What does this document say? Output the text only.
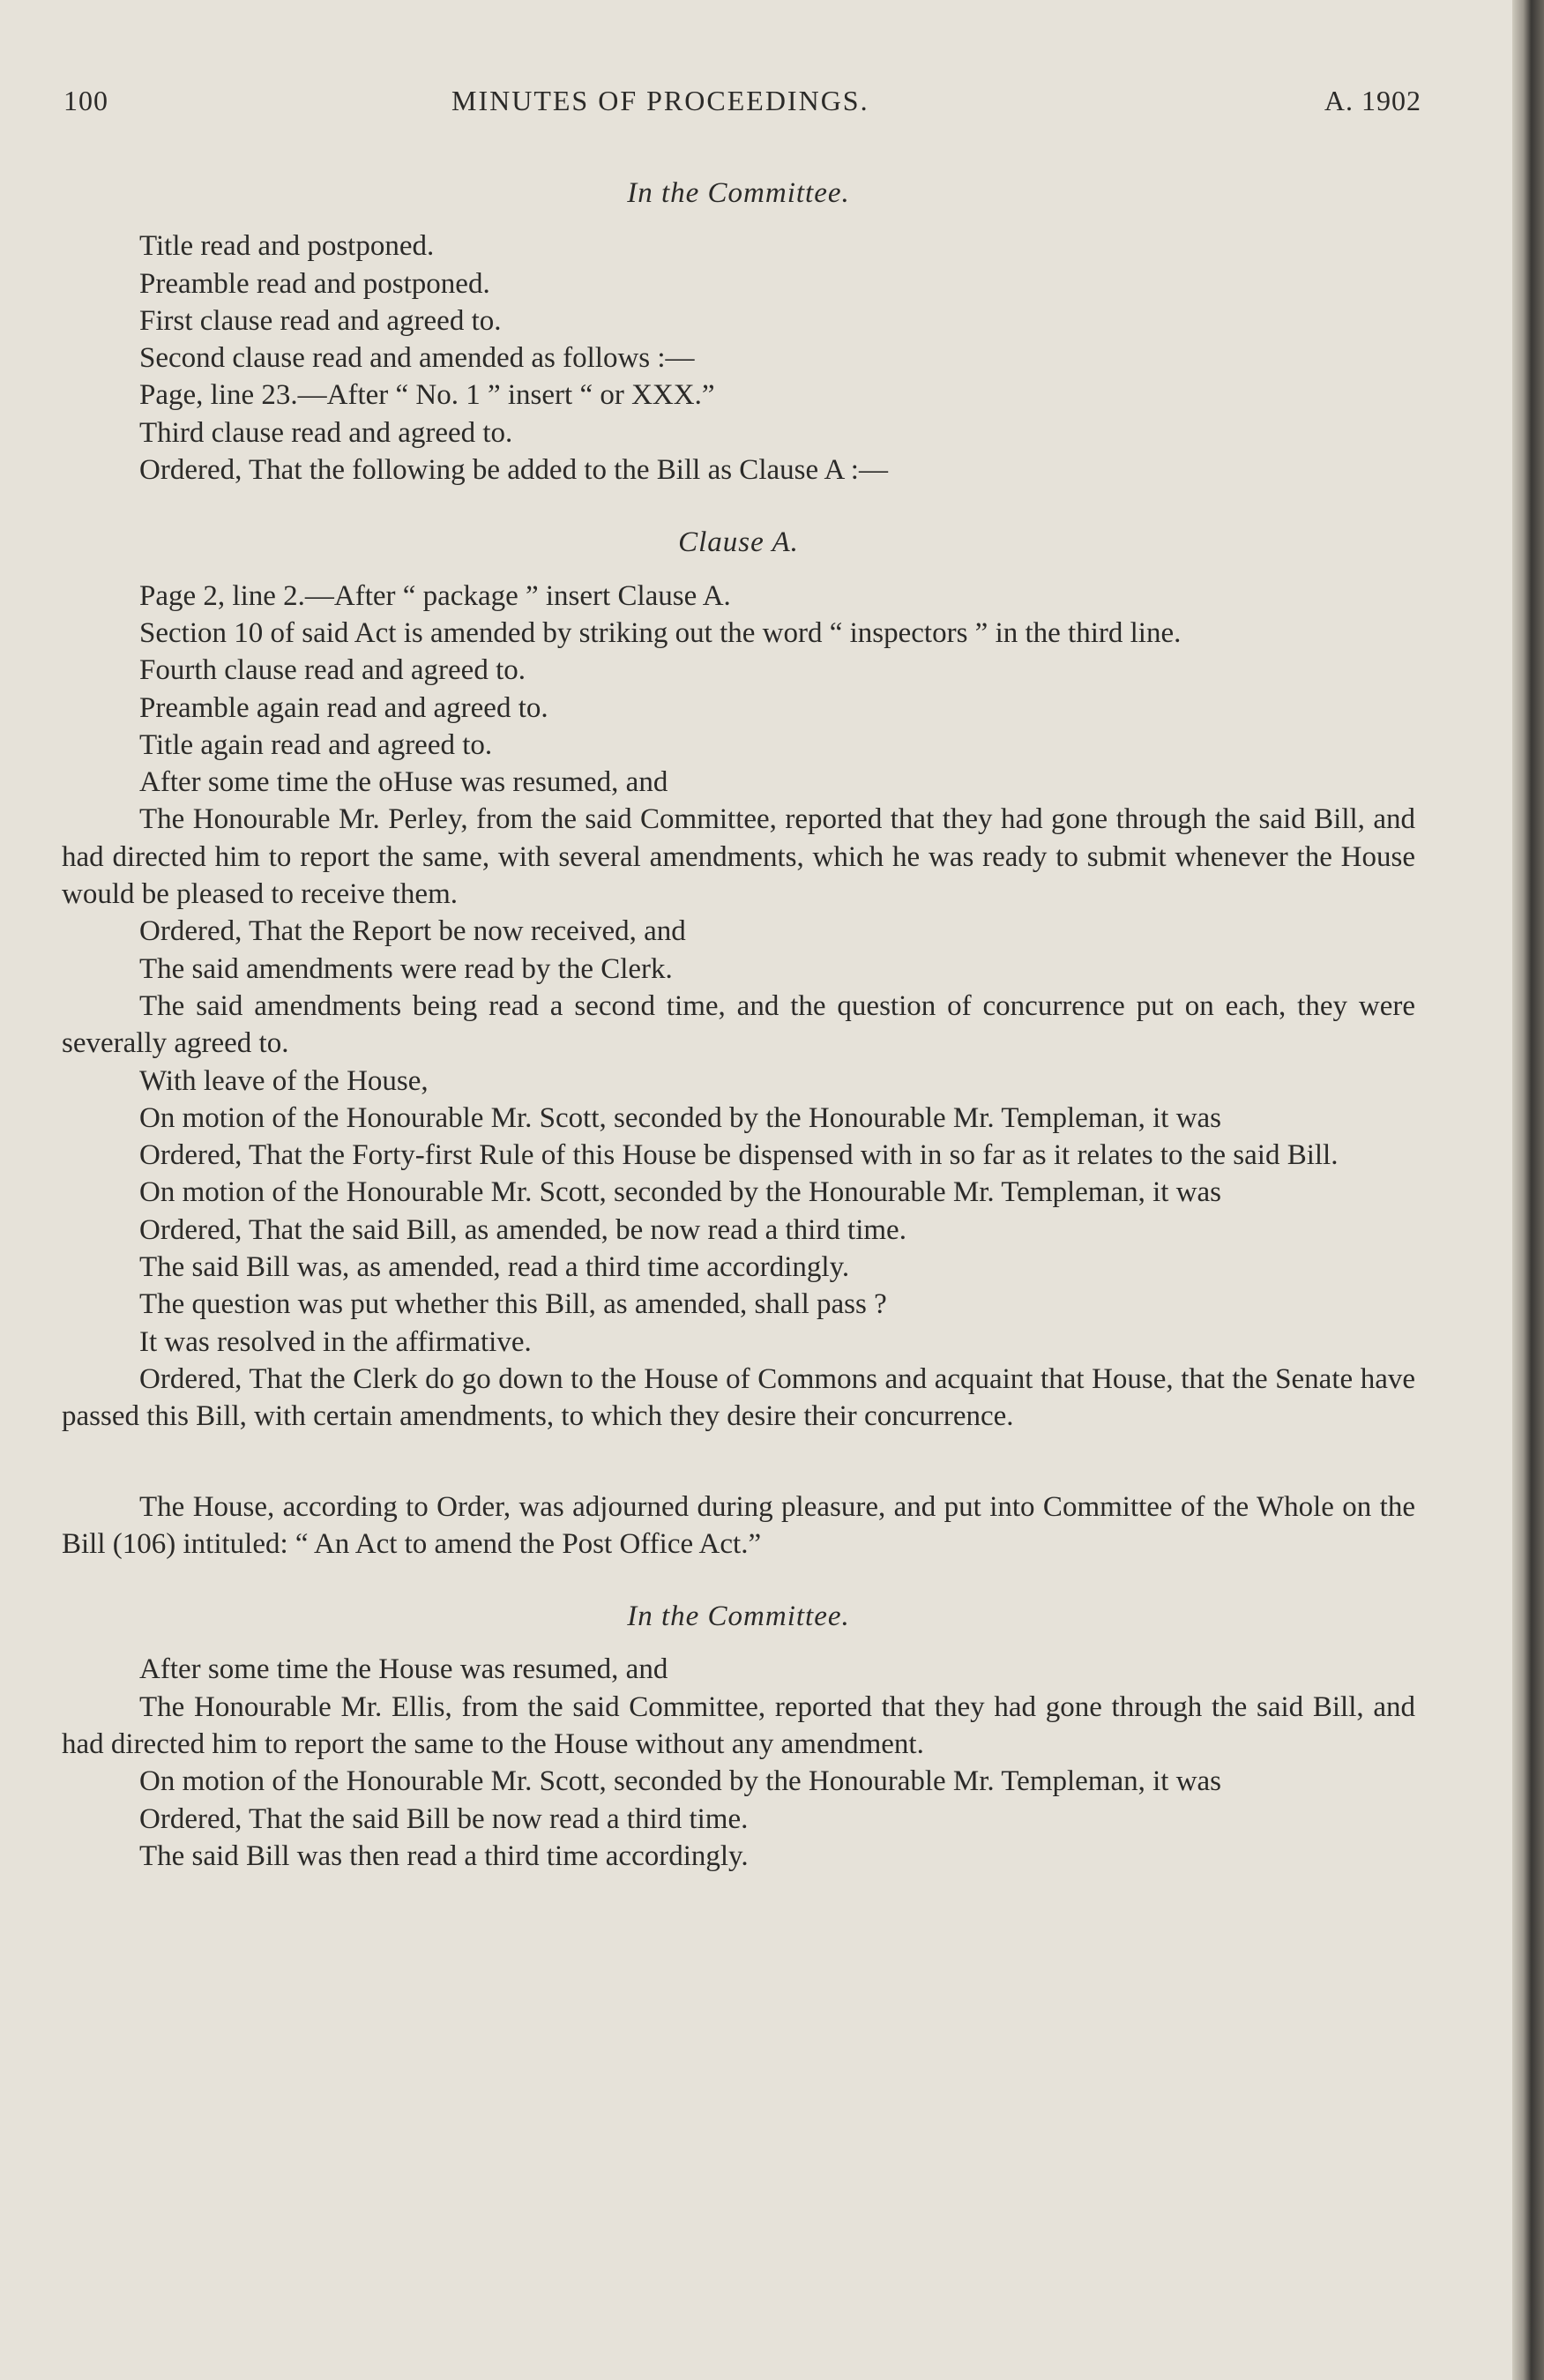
100	MINUTES OF PROCEEDINGS.	A. 1902
In the Committee.

Title read and postponed.

Preamble read and postponed.

First clause read and agreed to.

Second clause read and amended as follows :—

Page, line 23.—After “ No. 1 ” insert “ or XXX.”

Third clause read and agreed to.

Ordered, That the following be added to the Bill as Clause A :—

Clause A.

Page 2, line 2.—After “ package ” insert Clause A.

Section 10 of said Act is amended by striking out the word “ inspectors ” in the third line.

Fourth clause read and agreed to.

Preamble again read and agreed to.

Title again read and agreed to.

After some time the oHuse was resumed, and

The Honourable Mr. Perley, from the said Committee, reported that they had gone through the said Bill, and had directed him to report the same, with several amendments, which he was ready to submit whenever the House would be pleased to receive them.

Ordered, That the Report be now received, and

The said amendments were read by the Clerk.

The said amendments being read a second time, and the question of concurrence put on each, they were severally agreed to.

With leave of the House,

On motion of the Honourable Mr. Scott, seconded by the Honourable Mr. Templeman, it was

Ordered, That the Forty-first Rule of this House be dispensed with in so far as it relates to the said Bill.

On motion of the Honourable Mr. Scott, seconded by the Honourable Mr. Templeman, it was

Ordered, That the said Bill, as amended, be now read a third time.

The said Bill was, as amended, read a third time accordingly.

The question was put whether this Bill, as amended, shall pass ?

It was resolved in the affirmative.

Ordered, That the Clerk do go down to the House of Commons and acquaint that House, that the Senate have passed this Bill, with certain amendments, to which they desire their concurrence.

The House, according to Order, was adjourned during pleasure, and put into Committee of the Whole on the Bill (106) intituled: “ An Act to amend the Post Office Act.”

In the Committee.

After some time the House was resumed, and

The Honourable Mr. Ellis, from the said Committee, reported that they had gone through the said Bill, and had directed him to report the same to the House without any amendment.

On motion of the Honourable Mr. Scott, seconded by the Honourable Mr. Templeman, it was

Ordered, That the said Bill be now read a third time.

The said Bill was then read a third time accordingly.
